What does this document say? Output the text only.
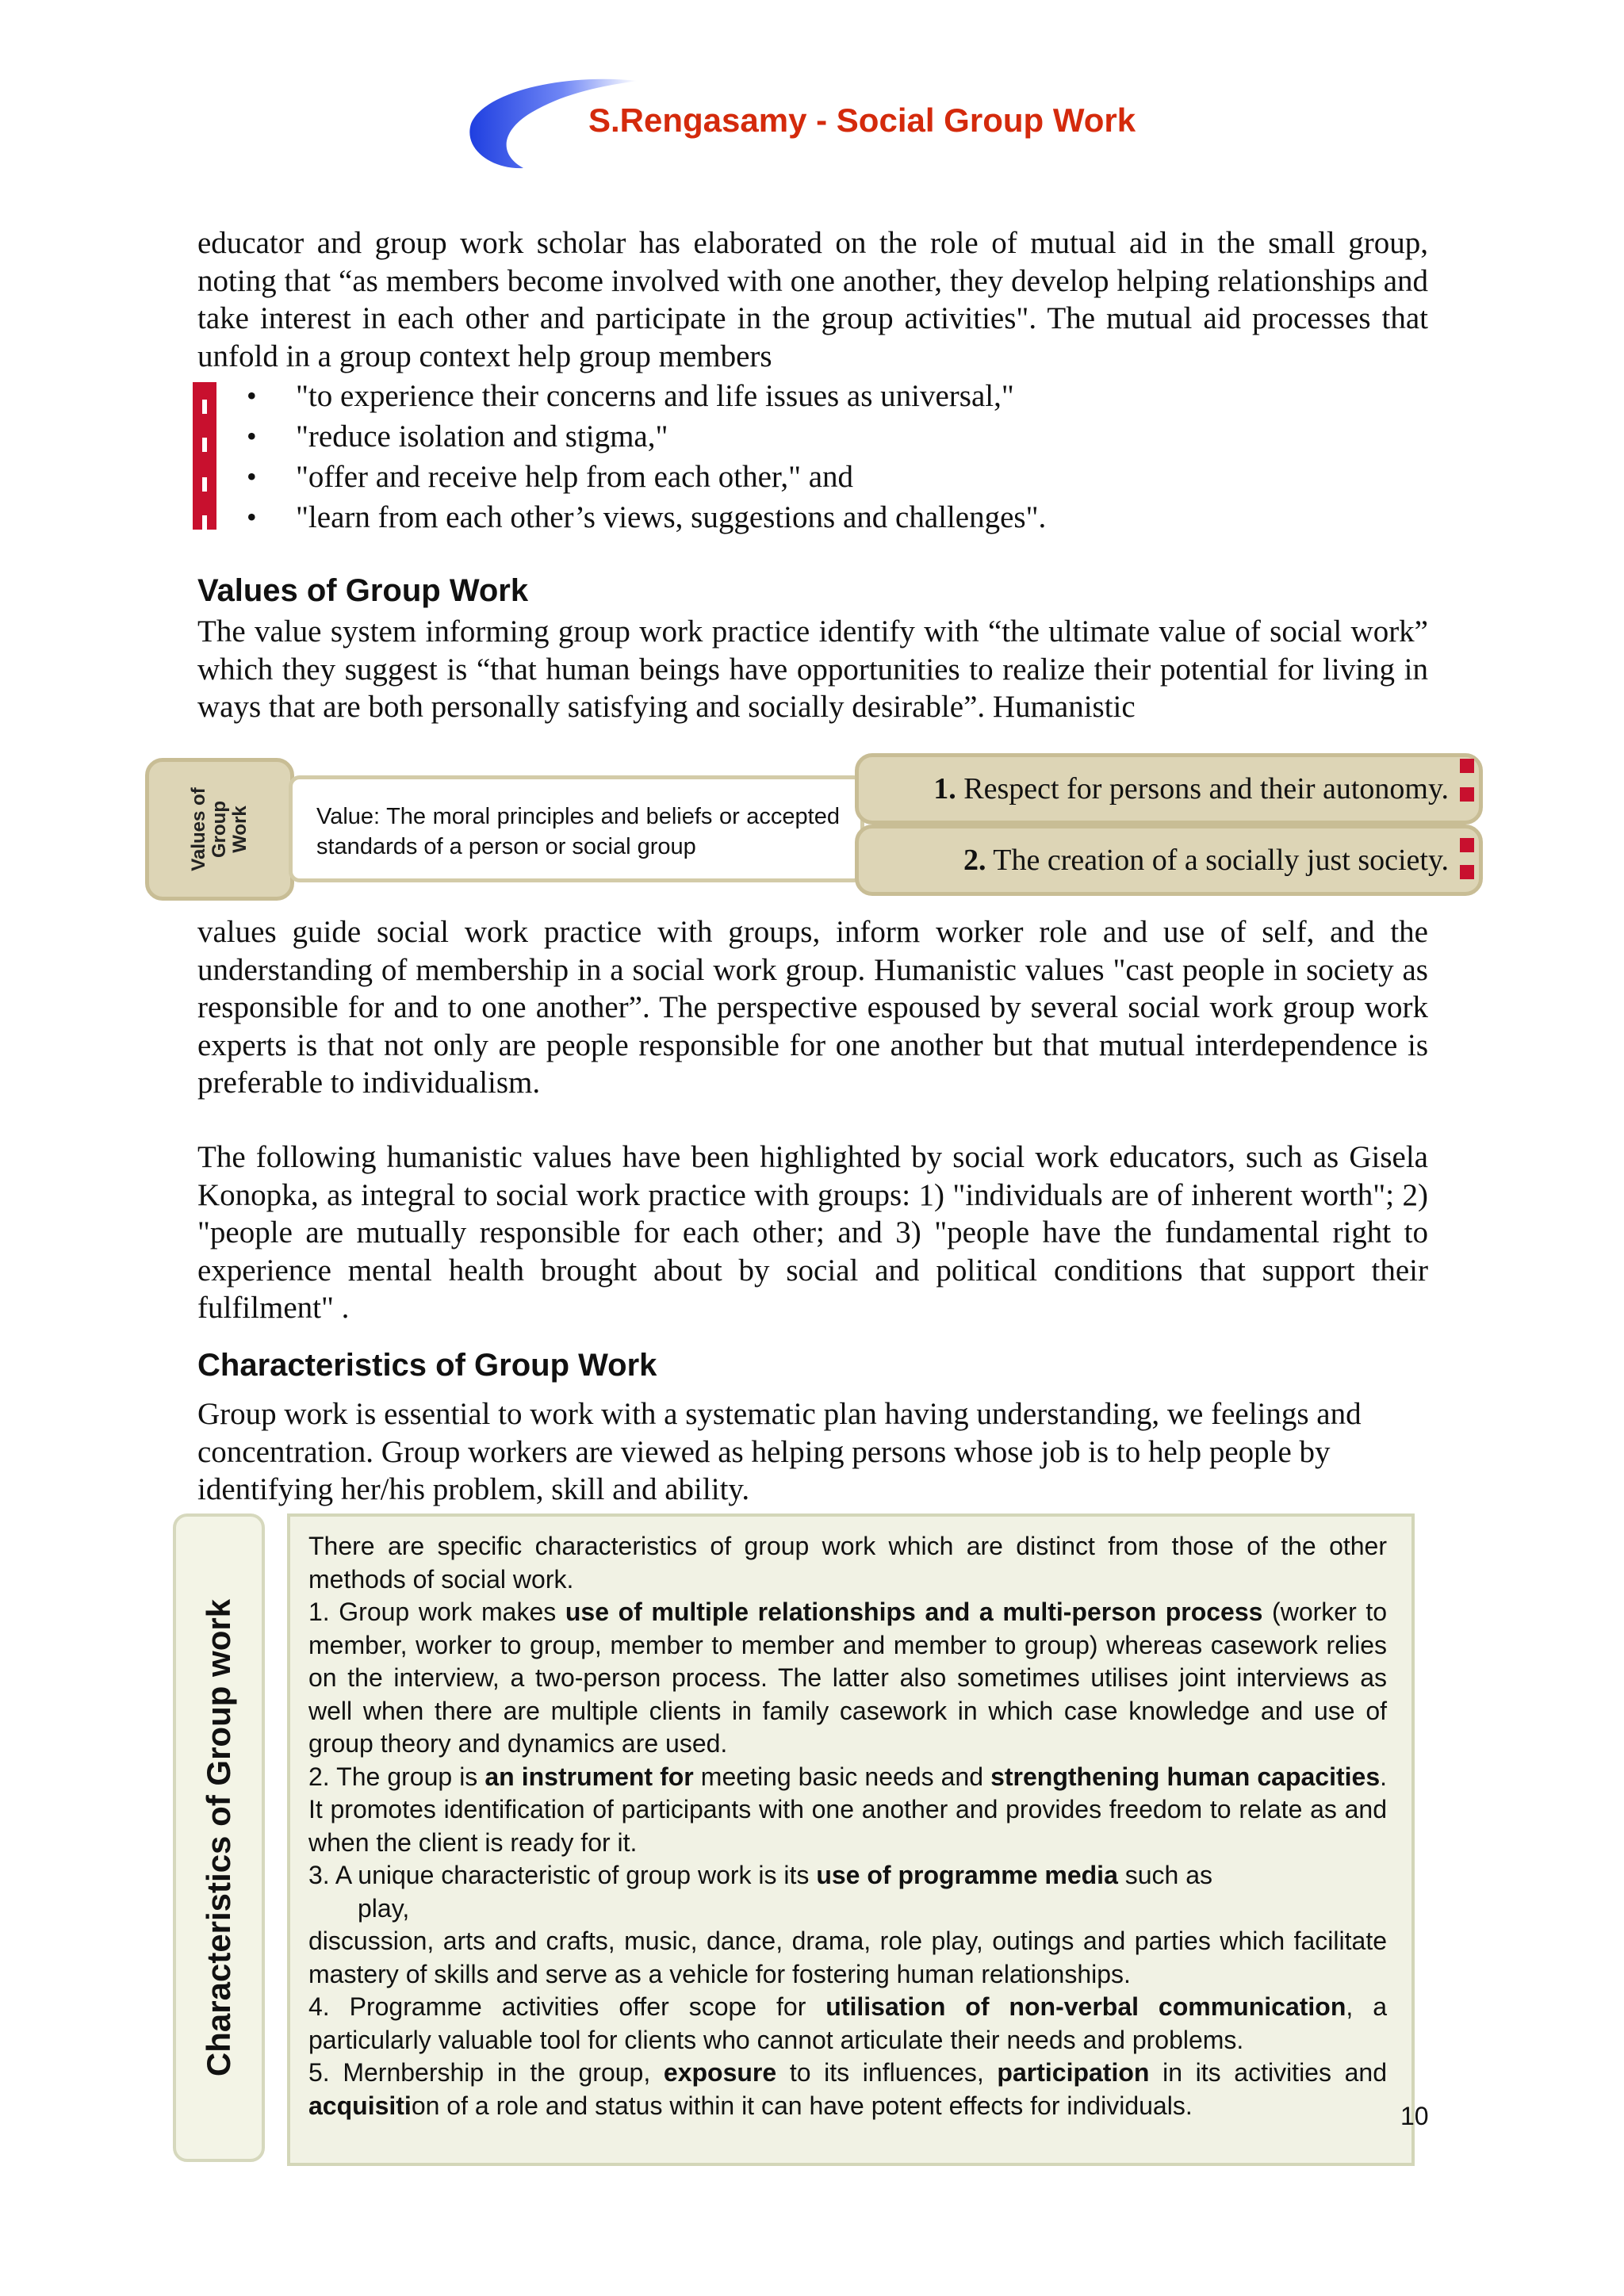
S.Rengasamy - Social Group Work

educator and group work scholar has elaborated on the role of mutual aid in the small group, noting that “as members become involved with one another, they develop helping relationships and take interest in each other and participate in the group activities". The mutual aid processes that unfold in a group context help group members

• "to experience their concerns and life issues as universal,"
• "reduce isolation and stigma,"
• "offer and receive help from each other," and
• "learn from each other’s views, suggestions and challenges".
Values of Group Work

The value system informing group work practice identify with “the ultimate value of social work” which they suggest is “that human beings have opportunities to realize their potential for living in ways that are both personally satisfying and socially desirable”. Humanistic

Values of Group Work	Value: The moral principles and beliefs or accepted standards of a person or social group
1. Respect for persons and their autonomy.
2. The creation of a socially just society.

values guide social work practice with groups, inform worker role and use of self, and the understanding of membership in a social work group. Humanistic values "cast people in society as responsible for and to one another”. The perspective espoused by several social work group work experts is that not only are people responsible for one another but that mutual interdependence is preferable to individualism.

The following humanistic values have been highlighted by social work educators, such as Gisela Konopka, as integral to social work practice with groups: 1) "individuals are of inherent worth"; 2) "people are mutually responsible for each other; and 3) "people have the fundamental right to experience mental health brought about by social and political conditions that support their fulfilment" .

Characteristics of Group Work

Group work is essential to work with a systematic plan having understanding, we feelings and concentration. Group workers are viewed as helping persons whose job is to help people by identifying her/his problem, skill and ability.

Characteristics of Group work

There are specific characteristics of group work which are distinct from those of the other methods of social work.

1. Group work makes use of multiple relationships and a multi-person process (worker to member, worker to group, member to member and member to group) whereas casework relies on the interview, a two-person process. The latter also sometimes utilises joint interviews as well when there are multiple clients in family casework in which case knowledge and use of group theory and dynamics are used.

2. The group is an instrument for meeting basic needs and strengthening human capacities. It promotes identification of participants with one another and provides freedom to relate as and when the client is ready for it.

3. A unique characteristic of group work is its use of programme media such as

play,

discussion, arts and crafts, music, dance, drama, role play, outings and parties which facilitate mastery of skills and serve as a vehicle for fostering human relationships.

4. Programme activities offer scope for utilisation of non-verbal communication, a particularly valuable tool for clients who cannot articulate their needs and problems.

5. Mernbership in the group, exposure to its influences, participation in its activities and acquisition of a role and status within it can have potent effects for individuals.	10
